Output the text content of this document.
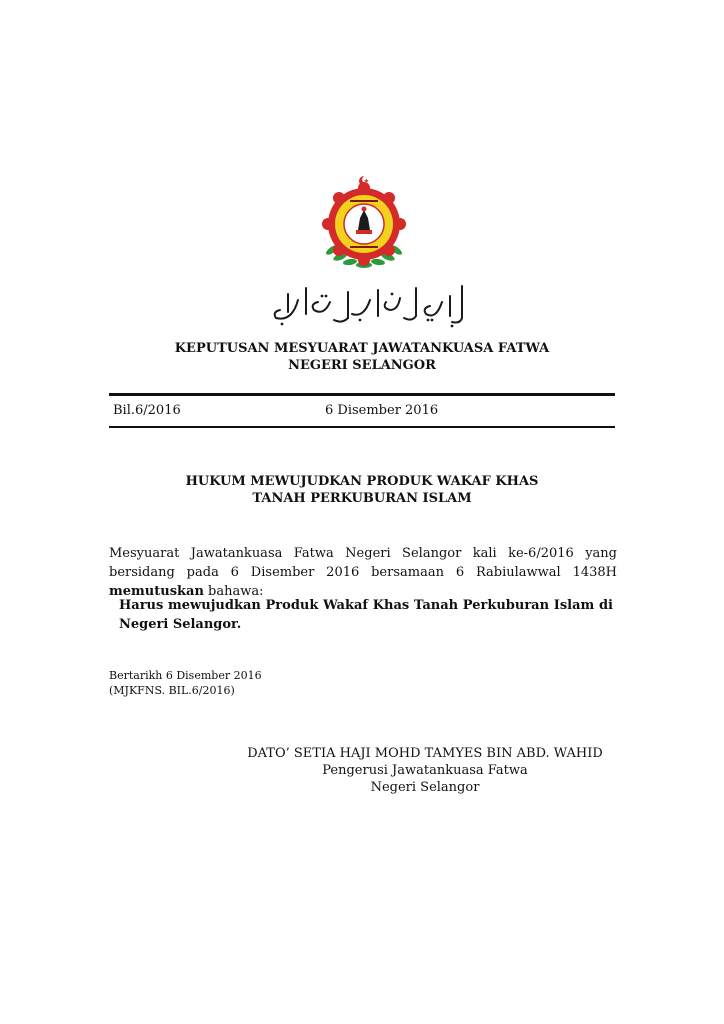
KEPUTUSAN MESYUARAT JAWATANKUASA FATWA
NEGERI SELANGOR
Bil.6/2016	6 Disember 2016
HUKUM MEWUJUDKAN PRODUK WAKAF KHAS
TANAH PERKUBURAN ISLAM
Mesyuarat Jawatankuasa Fatwa Negeri Selangor kali ke-6/2016 yang bersidang pada 6 Disember 2016 bersamaan 6 Rabiulawwal 1438H memutuskan bahawa:
Harus mewujudkan Produk Wakaf Khas Tanah Perkuburan Islam di Negeri Selangor.
Bertarikh 6 Disember 2016
(MJKFNS. BIL.6/2016)
DATO’ SETIA HAJI MOHD TAMYES BIN ABD. WAHID
Pengerusi Jawatankuasa Fatwa
Negeri Selangor
